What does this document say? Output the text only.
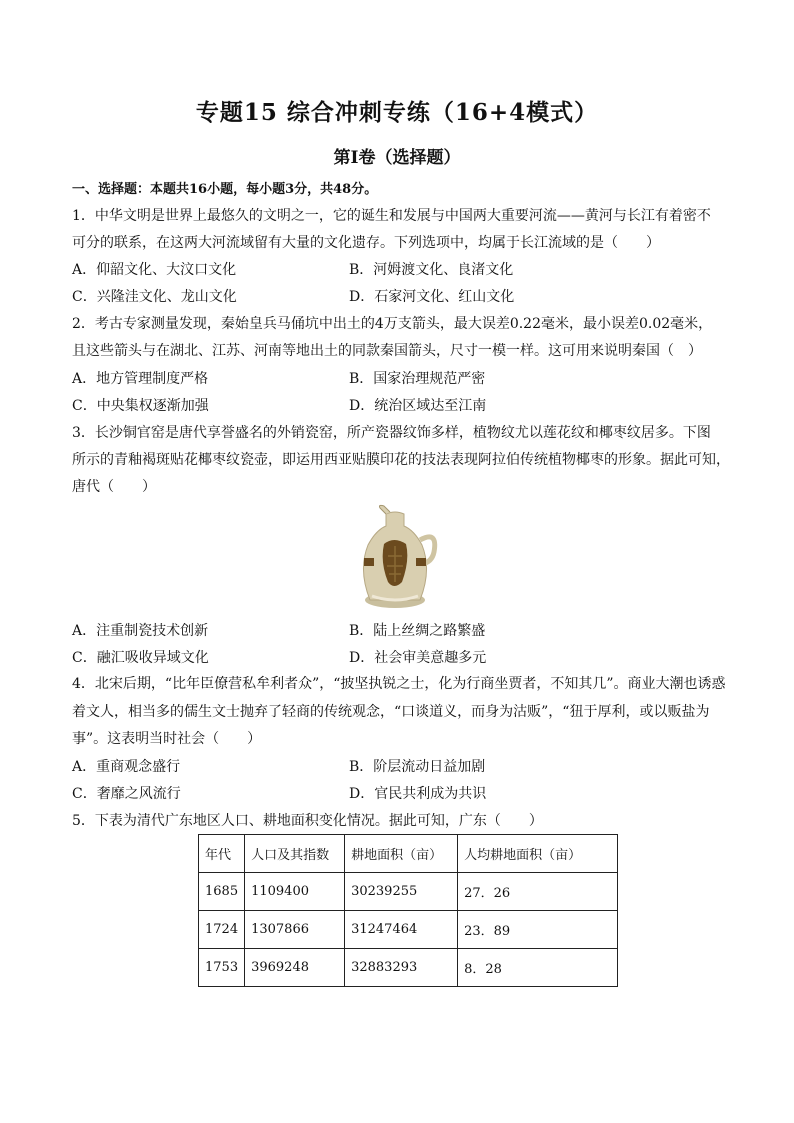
专题15 综合冲刺专练（16+4模式）
第I卷（选择题）
一、选择题：本题共16小题，每小题3分，共48分。
1．中华文明是世界上最悠久的文明之一，它的诞生和发展与中国两大重要河流——黄河与长江有着密不
可分的联系，在这两大河流域留有大量的文化遗存。下列选项中，均属于长江流域的是（　　）
A．仰韶文化、大汶口文化	B．河姆渡文化、良渚文化
C．兴隆洼文化、龙山文化	D．石家河文化、红山文化
2．考古专家测量发现，秦始皇兵马俑坑中出土的4万支箭头，最大误差0.22毫米，最小误差0.02毫米，
且这些箭头与在湖北、江苏、河南等地出土的同款秦国箭头，尺寸一模一样。这可用来说明秦国（　）
A．地方管理制度严格	B．国家治理规范严密
C．中央集权逐渐加强	D．统治区域达至江南
3．长沙铜官窑是唐代享誉盛名的外销瓷窑，所产瓷器纹饰多样，植物纹尤以莲花纹和椰枣纹居多。下图
所示的青釉褐斑贴花椰枣纹瓷壶，即运用西亚贴膜印花的技法表现阿拉伯传统植物椰枣的形象。据此可知，
唐代（　　）
A．注重制瓷技术创新	B．陆上丝绸之路繁盛
C．融汇吸收异域文化	D．社会审美意趣多元
4．北宋后期，“比年臣僚营私牟利者众”，“披坚执锐之士，化为行商坐贾者，不知其几”。商业大潮也诱惑
着文人，相当多的儒生文士抛弃了轻商的传统观念，“口谈道义，而身为沽贩”，“狃于厚利，或以贩盐为
事”。这表明当时社会（　　）
A．重商观念盛行	B．阶层流动日益加剧
C．奢靡之风流行	D．官民共利成为共识
5．下表为清代广东地区人口、耕地面积变化情况。据此可知，广东（　　）
年代	人口及其指数	耕地面积（亩）	人均耕地面积（亩）
1685	1109400	30239255	27．26
1724	1307866	31247464	23．89
1753	3969248	32883293	8．28
